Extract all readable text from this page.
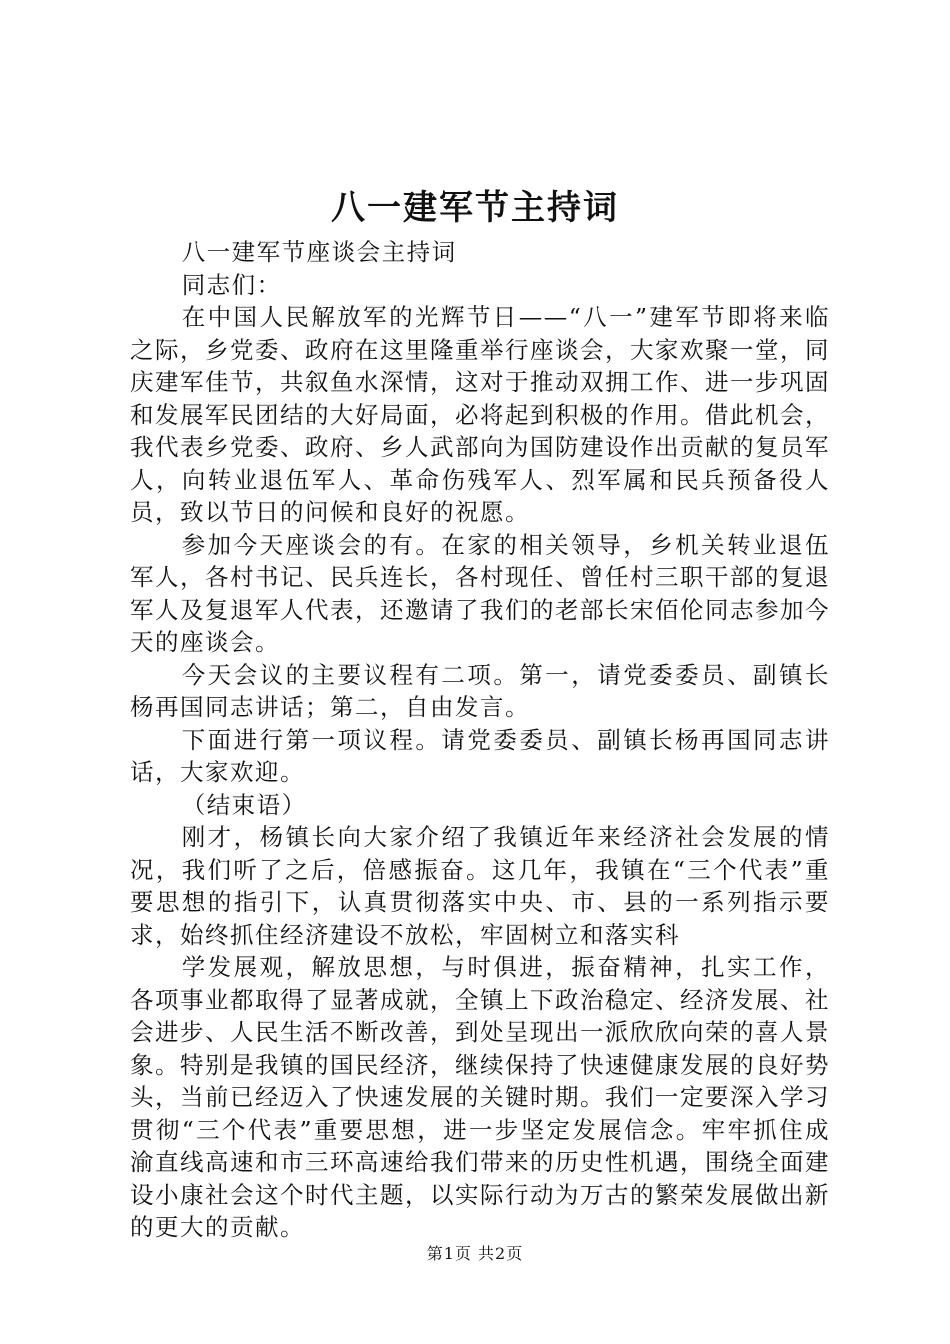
八一建军节主持词

八一建军节座谈会主持词

同志们：

在中国人民解放军的光辉节日——“八一”建军节即将来临之际，乡党委、政府在这里隆重举行座谈会，大家欢聚一堂，同庆建军佳节，共叙鱼水深情，这对于推动双拥工作、进一步巩固和发展军民团结的大好局面，必将起到积极的作用。借此机会，我代表乡党委、政府、乡人武部向为国防建设作出贡献的复员军人，向转业退伍军人、革命伤残军人、烈军属和民兵预备役人员，致以节日的问候和良好的祝愿。

参加今天座谈会的有。在家的相关领导，乡机关转业退伍军人，各村书记、民兵连长，各村现任、曾任村三职干部的复退军人及复退军人代表，还邀请了我们的老部长宋佰伦同志参加今天的座谈会。

今天会议的主要议程有二项。第一，请党委委员、副镇长杨再国同志讲话；第二，自由发言。

下面进行第一项议程。请党委委员、副镇长杨再国同志讲话，大家欢迎。

（结束语）

刚才，杨镇长向大家介绍了我镇近年来经济社会发展的情况，我们听了之后，倍感振奋。这几年，我镇在“三个代表”重要思想的指引下，认真贯彻落实中央、市、县的一系列指示要求，始终抓住经济建设不放松，牢固树立和落实科

学发展观，解放思想，与时俱进，振奋精神，扎实工作，各项事业都取得了显著成就，全镇上下政治稳定、经济发展、社会进步、人民生活不断改善，到处呈现出一派欣欣向荣的喜人景象。特别是我镇的国民经济，继续保持了快速健康发展的良好势头，当前已经迈入了快速发展的关键时期。我们一定要深入学习贯彻“三个代表”重要思想，进一步坚定发展信念。牢牢抓住成渝直线高速和市三环高速给我们带来的历史性机遇，围绕全面建设小康社会这个时代主题，以实际行动为万古的繁荣发展做出新的更大的贡献。

第1页 共2页
